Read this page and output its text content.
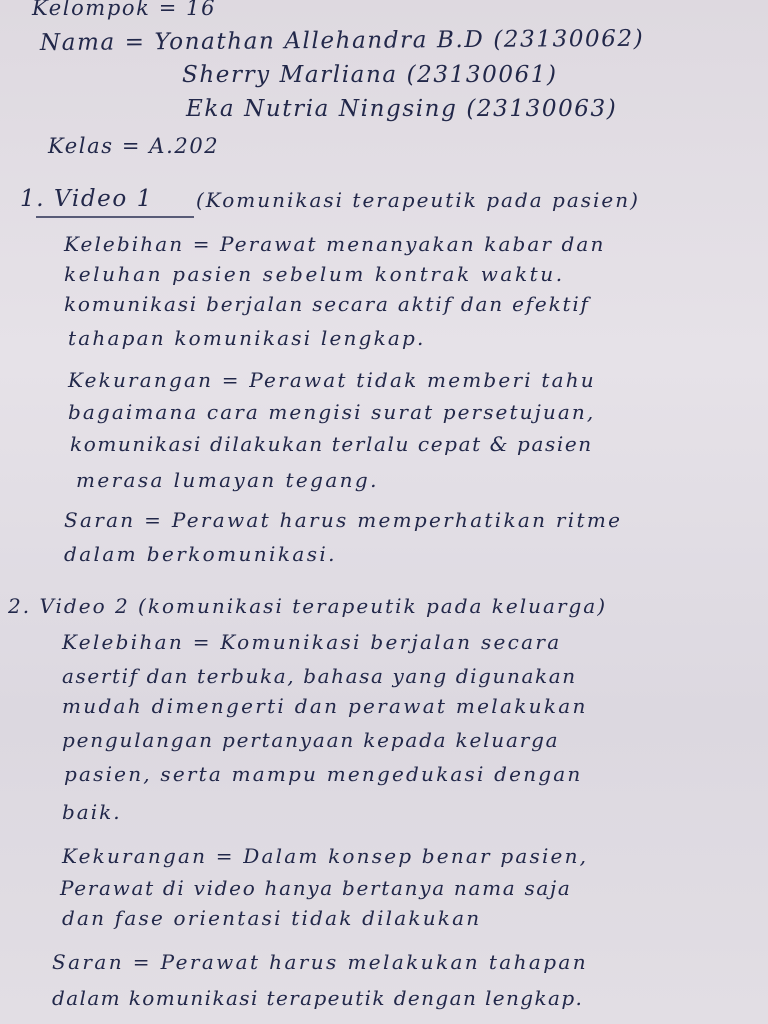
Kelompok = 16
Nama = Yonathan Allehandra B.D (23130062)
Sherry Marliana (23130061)
Eka Nutria Ningsing (23130063)
Kelas = A.202
1. Video 1 (Komunikasi terapeutik pada pasien)
Kelebihan = Perawat menanyakan kabar dan
keluhan pasien sebelum kontrak waktu.
komunikasi berjalan secara aktif dan efektif
tahapan komunikasi lengkap.
Kekurangan = Perawat tidak memberi tahu
bagaimana cara mengisi surat persetujuan,
komunikasi dilakukan terlalu cepat & pasien
merasa lumayan tegang.
Saran = Perawat harus memperhatikan ritme
dalam berkomunikasi.
2. Video 2 (komunikasi terapeutik pada keluarga)
Kelebihan = Komunikasi berjalan secara
asertif dan terbuka, bahasa yang digunakan
mudah dimengerti dan perawat melakukan
pengulangan pertanyaan kepada keluarga
pasien, serta mampu mengedukasi dengan
baik.
Kekurangan = Dalam konsep benar pasien,
Perawat di video hanya bertanya nama saja
dan fase orientasi tidak dilakukan
Saran = Perawat harus melakukan tahapan
dalam komunikasi terapeutik dengan lengkap.
